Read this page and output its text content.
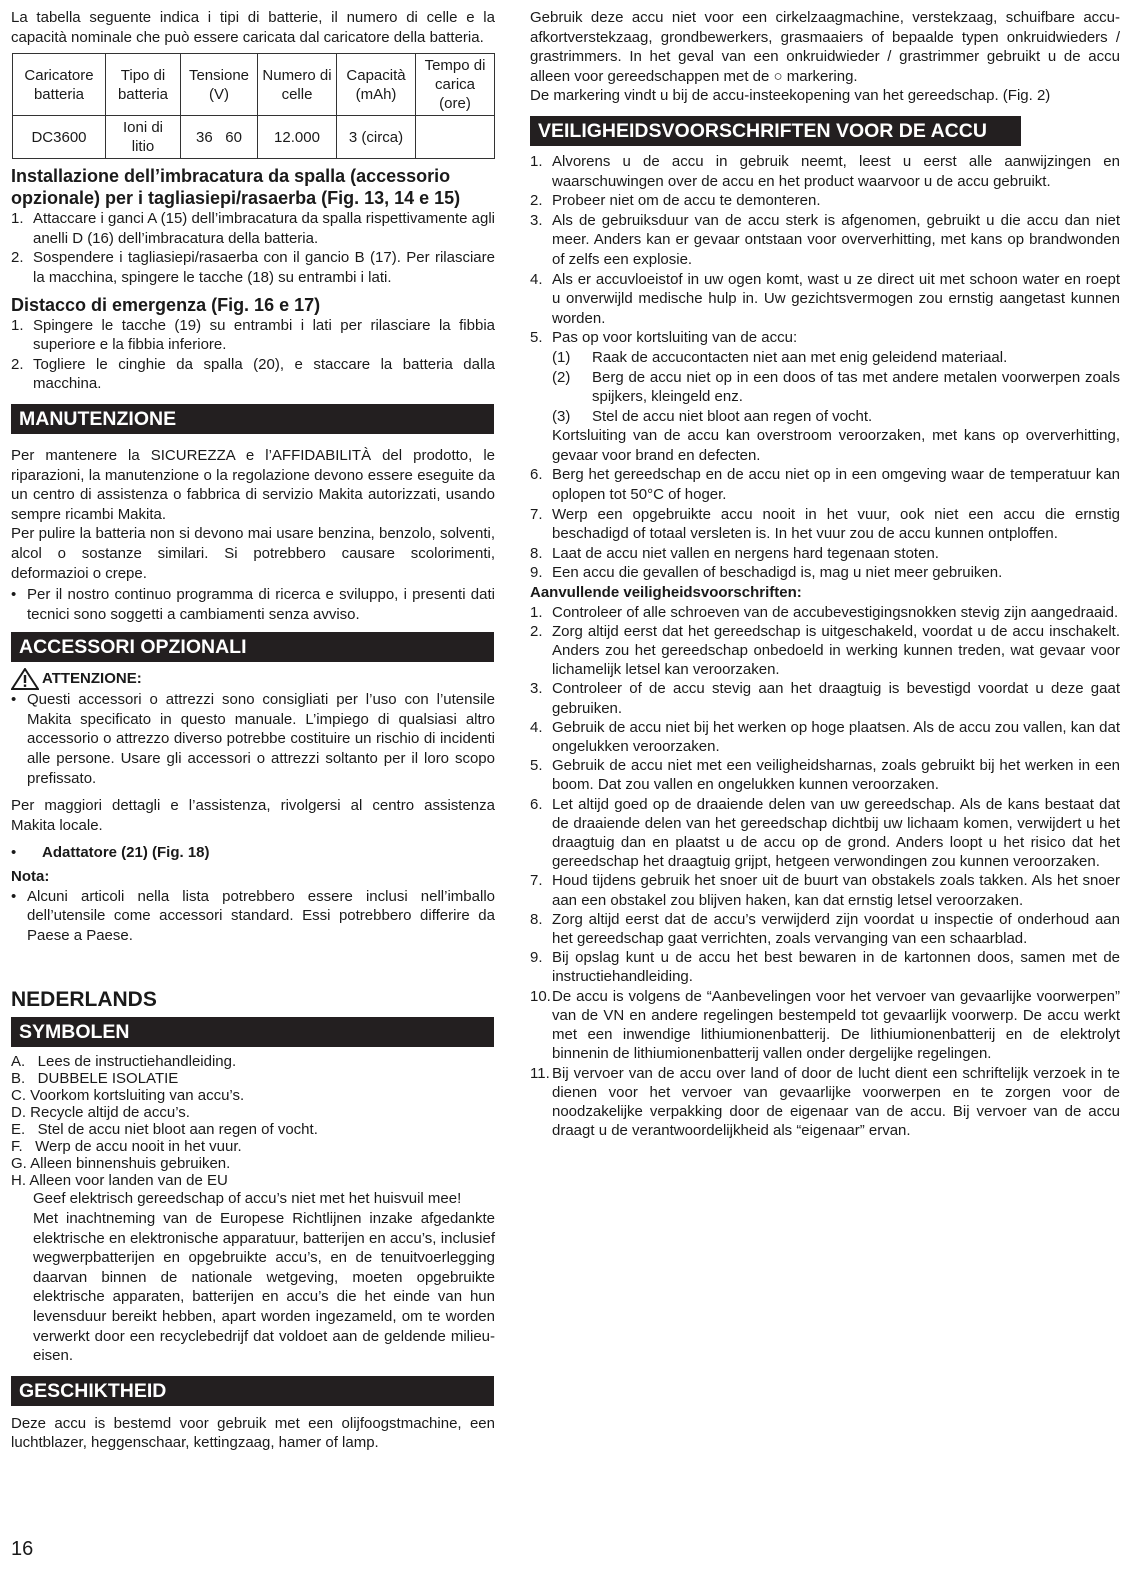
La tabella seguente indica i tipi di batterie, il numero di celle e la capacità nominale che può essere caricata dal caricatore della batteria.

Caricatore batteria	Tipo di batteria	Tensione (V)	Numero di celle	Capacità (mAh)	Tempo di carica (ore)
DC3600	Ioni di litio	36 60	12.000	3 (circa)	
Installazione dell’imbracatura da spalla (accessorio opzionale) per i tagliasiepi/rasaerba (Fig. 13, 14 e 15)
1. Attaccare i ganci A (15) dell’imbracatura da spalla rispettivamente agli anelli D (16) dell’imbracatura della batteria.
2. Sospendere i tagliasiepi/rasaerba con il gancio B (17). Per rilasciare la macchina, spingere le tacche (18) su entrambi i lati.
Distacco di emergenza (Fig. 16 e 17)
1. Spingere le tacche (19) su entrambi i lati per rilasciare la fibbia superiore e la fibbia inferiore.
2. Togliere le cinghie da spalla (20), e staccare la batteria dalla macchina.
MANUTENZIONE

Per mantenere la SICUREZZA e l’AFFIDABILITÀ del prodotto, le riparazioni, la manutenzione o la regolazione devono essere eseguite da un centro di assistenza o fabbrica di servizio Makita autorizzati, usando sempre ricambi Makita.

Per pulire la batteria non si devono mai usare benzina, benzolo, solventi, alcol o sostanze similari. Si potrebbero causare scolorimenti, deformazioi o crepe.

• Per il nostro continuo programma di ricerca e sviluppo, i presenti dati tecnici sono soggetti a cambiamenti senza avviso.
ACCESSORI OPZIONALI
ATTENZIONE:
• Questi accessori o attrezzi sono consigliati per l’uso con l’utensile Makita specificato in questo manuale. L’impiego di qualsiasi altro accessorio o attrezzo diverso potrebbe costituire un rischio di incidenti alle persone. Usare gli accessori o attrezzi soltanto per il loro scopo prefissato.

Per maggiori dettagli e l’assistenza, rivolgersi al centro assistenza Makita locale.

• Adattatore (21) (Fig. 18)

Nota:

• Alcuni articoli nella lista potrebbero essere inclusi nell’imballo dell’utensile come accessori standard. Essi potrebbero differire da Paese a Paese.
NEDERLANDS
SYMBOLEN
A.   Lees de instructiehandleiding.
B.   DUBBELE ISOLATIE
C. Voorkom kortsluiting van accu’s.
D. Recycle altijd de accu’s.
E.   Stel de accu niet bloot aan regen of vocht.
F.   Werp de accu nooit in het vuur.
G. Alleen binnenshuis gebruiken.
H. Alleen voor landen van de EU

Geef elektrisch gereedschap of accu’s niet met het huisvuil mee!

Met inachtneming van de Europese Richtlijnen inzake afgedankte elektrische en elektronische apparatuur, batterijen en accu’s, inclusief wegwerpbatterijen en opgebruikte accu’s, en de tenuitvoerlegging daarvan binnen de nationale wetgeving, moeten opgebruikte elektrische apparaten, batterijen en accu’s die het einde van hun levensduur bereikt hebben, apart worden ingezameld, om te worden verwerkt door een recyclebedrijf dat voldoet aan de geldende milieu-eisen.

GESCHIKTHEID

Deze accu is bestemd voor gebruik met een olijfoogstmachine, een luchtblazer, heggenschaar, kettingzaag, hamer of lamp.

Gebruik deze accu niet voor een cirkelzaagmachine, verstekzaag, schuifbare accu-afkortverstekzaag, grondbewerkers, grasmaaiers of bepaalde typen onkruidwieders / grastrimmers. In het geval van een onkruidwieder / grastrimmer gebruikt u de accu alleen voor gereedschappen met de ○ markering.

De markering vindt u bij de accu-insteekopening van het gereedschap. (Fig. 2)

VEILIGHEIDSVOORSCHRIFTEN VOOR DE ACCU
1. Alvorens u de accu in gebruik neemt, leest u eerst alle aanwijzingen en waarschuwingen over de accu en het product waarvoor u de accu gebruikt.
2. Probeer niet om de accu te demonteren.
3. Als de gebruiksduur van de accu sterk is afgenomen, gebruikt u die accu dan niet meer. Anders kan er gevaar ontstaan voor oververhitting, met kans op brandwonden of zelfs een explosie.
4. Als er accuvloeistof in uw ogen komt, wast u ze direct uit met schoon water en roept u onverwijld medische hulp in. Uw gezichtsvermogen zou ernstig aangetast kunnen worden.
5. Pas op voor kortsluiting van de accu:
(1) Raak de accucontacten niet aan met enig geleidend materiaal.
(2) Berg de accu niet op in een doos of tas met andere metalen voorwerpen zoals spijkers, kleingeld enz.
(3) Stel de accu niet bloot aan regen of vocht.

Kortsluiting van de accu kan overstroom veroorzaken, met kans op oververhitting, gevaar voor brand en defecten.

6. Berg het gereedschap en de accu niet op in een omgeving waar de temperatuur kan oplopen tot 50°C of hoger.
7. Werp een opgebruikte accu nooit in het vuur, ook niet een accu die ernstig beschadigd of totaal versleten is. In het vuur zou de accu kunnen ontploffen.
8. Laat de accu niet vallen en nergens hard tegenaan stoten.
9. Een accu die gevallen of beschadigd is, mag u niet meer gebruiken.

Aanvullende veiligheidsvoorschriften:

1. Controleer of alle schroeven van de accubevestigingsnokken stevig zijn aangedraaid.
2. Zorg altijd eerst dat het gereedschap is uitgeschakeld, voordat u de accu inschakelt. Anders zou het gereedschap onbedoeld in werking kunnen treden, wat gevaar voor lichamelijk letsel kan veroorzaken.
3. Controleer of de accu stevig aan het draagtuig is bevestigd voordat u deze gaat gebruiken.
4. Gebruik de accu niet bij het werken op hoge plaatsen. Als de accu zou vallen, kan dat ongelukken veroorzaken.
5. Gebruik de accu niet met een veiligheidsharnas, zoals gebruikt bij het werken in een boom. Dat zou vallen en ongelukken kunnen veroorzaken.
6. Let altijd goed op de draaiende delen van uw gereedschap. Als de kans bestaat dat de draaiende delen van het gereedschap dichtbij uw lichaam komen, verwijdert u het draagtuig dan en plaatst u de accu op de grond. Anders loopt u het risico dat het gereedschap het draagtuig grijpt, hetgeen verwondingen zou kunnen veroorzaken.
7. Houd tijdens gebruik het snoer uit de buurt van obstakels zoals takken. Als het snoer aan een obstakel zou blijven haken, kan dat ernstig letsel veroorzaken.
8. Zorg altijd eerst dat de accu’s verwijderd zijn voordat u inspectie of onderhoud aan het gereedschap gaat verrichten, zoals vervanging van een schaarblad.
9. Bij opslag kunt u de accu het best bewaren in de kartonnen doos, samen met de instructiehandleiding.
10. De accu is volgens de “Aanbevelingen voor het vervoer van gevaarlijke voorwerpen” van de VN en andere regelingen bestempeld tot gevaarlijk voorwerp. De accu werkt met een inwendige lithiumionenbatterij. De lithiumionenbatterij en de elektrolyt binnenin de lithiumionenbatterij vallen onder dergelijke regelingen.
11. Bij vervoer van de accu over land of door de lucht dient een schriftelijk verzoek in te dienen voor het vervoer van gevaarlijke voorwerpen en te zorgen voor de noodzakelijke verpakking door de eigenaar van de accu. Bij vervoer van de accu draagt u de verantwoordelijkheid als “eigenaar” ervan.
16
